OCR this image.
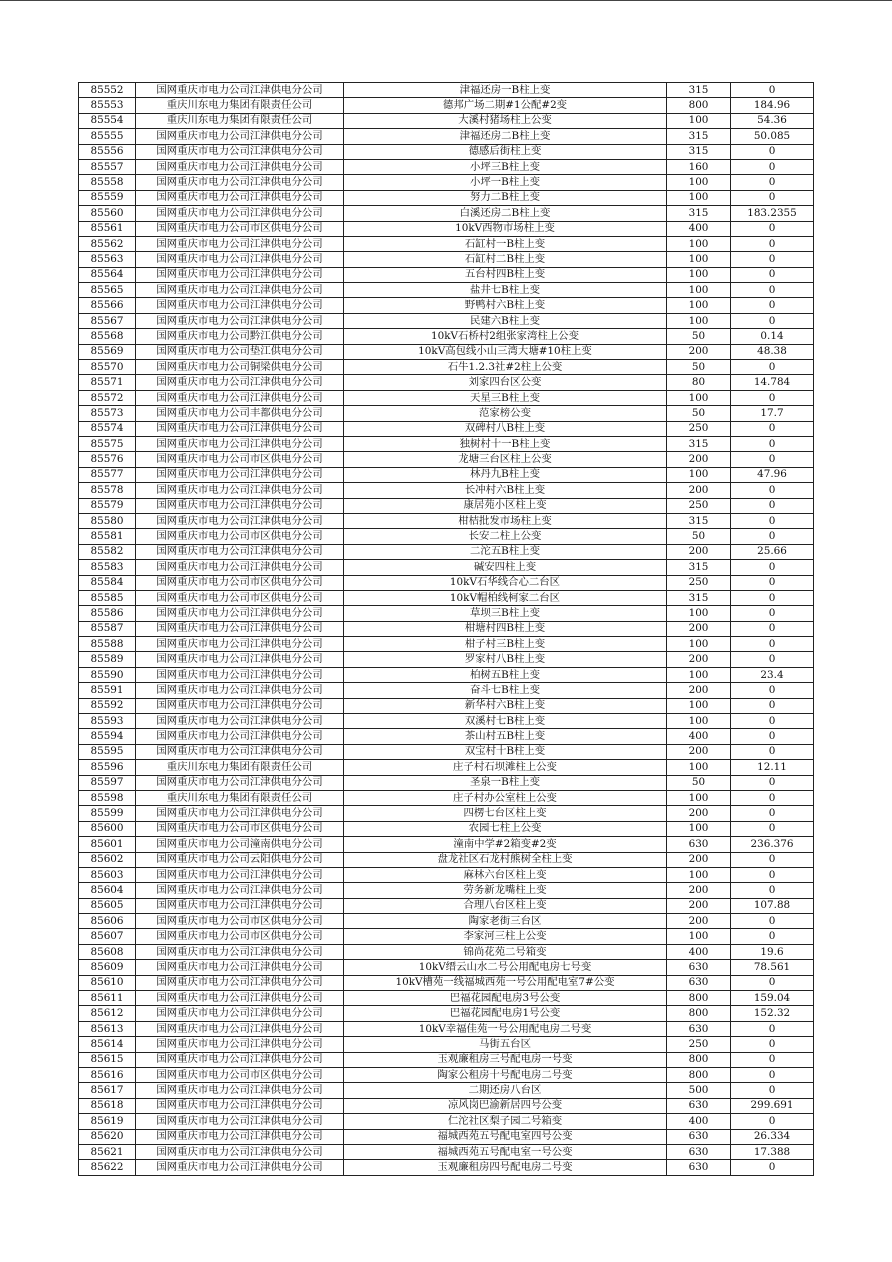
85552	国网重庆市电力公司江津供电分公司	津福还房一B柱上变	315	0
85553	重庆川东电力集团有限责任公司	德邦广场二期#1公配#2变	800	184.96
85554	重庆川东电力集团有限责任公司	大溪村猪场柱上公变	100	54.36
85555	国网重庆市电力公司江津供电分公司	津福还房二B柱上变	315	50.085
85556	国网重庆市电力公司江津供电分公司	德感后街柱上变	315	0
85557	国网重庆市电力公司江津供电分公司	小坪三B柱上变	160	0
85558	国网重庆市电力公司江津供电分公司	小坪一B柱上变	100	0
85559	国网重庆市电力公司江津供电分公司	努力二B柱上变	100	0
85560	国网重庆市电力公司江津供电分公司	白溪还房二B柱上变	315	183.2355
85561	国网重庆市电力公司市区供电分公司	10kV西物市场柱上变	400	0
85562	国网重庆市电力公司江津供电分公司	石缸村一B柱上变	100	0
85563	国网重庆市电力公司江津供电分公司	石缸村二B柱上变	100	0
85564	国网重庆市电力公司江津供电分公司	五台村四B柱上变	100	0
85565	国网重庆市电力公司江津供电分公司	盐井七B柱上变	100	0
85566	国网重庆市电力公司江津供电分公司	野鸭村六B柱上变	100	0
85567	国网重庆市电力公司江津供电分公司	民建六B柱上变	100	0
85568	国网重庆市电力公司黔江供电分公司	10kV石桥村2组张家湾柱上公变	50	0.14
85569	国网重庆市电力公司垫江供电分公司	10kV高包线小山三湾大塘#10柱上变	200	48.38
85570	国网重庆市电力公司铜梁供电分公司	石牛1.2.3社#2柱上公变	50	0
85571	国网重庆市电力公司江津供电分公司	刘家四台区公变	80	14.784
85572	国网重庆市电力公司江津供电分公司	天星三B柱上变	100	0
85573	国网重庆市电力公司丰都供电分公司	范家榜公变	50	17.7
85574	国网重庆市电力公司江津供电分公司	双碑村八B柱上变	250	0
85575	国网重庆市电力公司江津供电分公司	独树村十一B柱上变	315	0
85576	国网重庆市电力公司市区供电分公司	龙塘三台区柱上公变	200	0
85577	国网重庆市电力公司江津供电分公司	林丹九B柱上变	100	47.96
85578	国网重庆市电力公司江津供电分公司	长冲村六B柱上变	200	0
85579	国网重庆市电力公司江津供电分公司	康居苑小区柱上变	250	0
85580	国网重庆市电力公司江津供电分公司	柑桔批发市场柱上变	315	0
85581	国网重庆市电力公司市区供电分公司	长安二柱上公变	50	0
85582	国网重庆市电力公司江津供电分公司	二沱五B柱上变	200	25.66
85583	国网重庆市电力公司江津供电分公司	碱安四柱上变	315	0
85584	国网重庆市电力公司市区供电分公司	10kV石华线合心二台区	250	0
85585	国网重庆市电力公司市区供电分公司	10kV帽柏线柯家二台区	315	0
85586	国网重庆市电力公司江津供电分公司	草坝三B柱上变	100	0
85587	国网重庆市电力公司江津供电分公司	柑塘村四B柱上变	200	0
85588	国网重庆市电力公司江津供电分公司	柑子村三B柱上变	100	0
85589	国网重庆市电力公司江津供电分公司	罗家村八B柱上变	200	0
85590	国网重庆市电力公司江津供电分公司	柏树五B柱上变	100	23.4
85591	国网重庆市电力公司江津供电分公司	奋斗七B柱上变	200	0
85592	国网重庆市电力公司江津供电分公司	新华村六B柱上变	100	0
85593	国网重庆市电力公司江津供电分公司	双溪村七B柱上变	100	0
85594	国网重庆市电力公司江津供电分公司	茶山村五B柱上变	400	0
85595	国网重庆市电力公司江津供电分公司	双宝村十B柱上变	200	0
85596	重庆川东电力集团有限责任公司	庄子村石坝滩柱上公变	100	12.11
85597	国网重庆市电力公司江津供电分公司	圣泉一B柱上变	50	0
85598	重庆川东电力集团有限责任公司	庄子村办公室柱上公变	100	0
85599	国网重庆市电力公司江津供电分公司	四楞七台区柱上变	200	0
85600	国网重庆市电力公司市区供电分公司	农园七柱上公变	100	0
85601	国网重庆市电力公司潼南供电分公司	潼南中学#2箱变#2变	630	236.376
85602	国网重庆市电力公司云阳供电分公司	盘龙社区石龙村熊树全柱上变	200	0
85603	国网重庆市电力公司江津供电分公司	麻林六台区柱上变	100	0
85604	国网重庆市电力公司江津供电分公司	劳务新龙嘴柱上变	200	0
85605	国网重庆市电力公司江津供电分公司	合理八台区柱上变	200	107.88
85606	国网重庆市电力公司市区供电分公司	陶家老街三台区	200	0
85607	国网重庆市电力公司市区供电分公司	李家河三柱上公变	100	0
85608	国网重庆市电力公司江津供电分公司	锦尚花苑二号箱变	400	19.6
85609	国网重庆市电力公司江津供电分公司	10kV缙云山水二号公用配电房七号变	630	78.561
85610	国网重庆市电力公司江津供电分公司	10kV槽苑一线福城西苑一号公用配电室7#公变	630	0
85611	国网重庆市电力公司江津供电分公司	巴福花园配电房3号公变	800	159.04
85612	国网重庆市电力公司江津供电分公司	巴福花园配电房1号公变	800	152.32
85613	国网重庆市电力公司江津供电分公司	10kV幸福佳苑一号公用配电房二号变	630	0
85614	国网重庆市电力公司江津供电分公司	马街五台区	250	0
85615	国网重庆市电力公司江津供电分公司	玉观廉租房三号配电房一号变	800	0
85616	国网重庆市电力公司市区供电分公司	陶家公租房十号配电房二号变	800	0
85617	国网重庆市电力公司江津供电分公司	二期还房八台区	500	0
85618	国网重庆市电力公司江津供电分公司	凉风岗巴渝新居四号公变	630	299.691
85619	国网重庆市电力公司江津供电分公司	仁沱社区梨子园二号箱变	400	0
85620	国网重庆市电力公司江津供电分公司	福城西苑五号配电室四号公变	630	26.334
85621	国网重庆市电力公司江津供电分公司	福城西苑五号配电室一号公变	630	17.388
85622	国网重庆市电力公司江津供电分公司	玉观廉租房四号配电房二号变	630	0
